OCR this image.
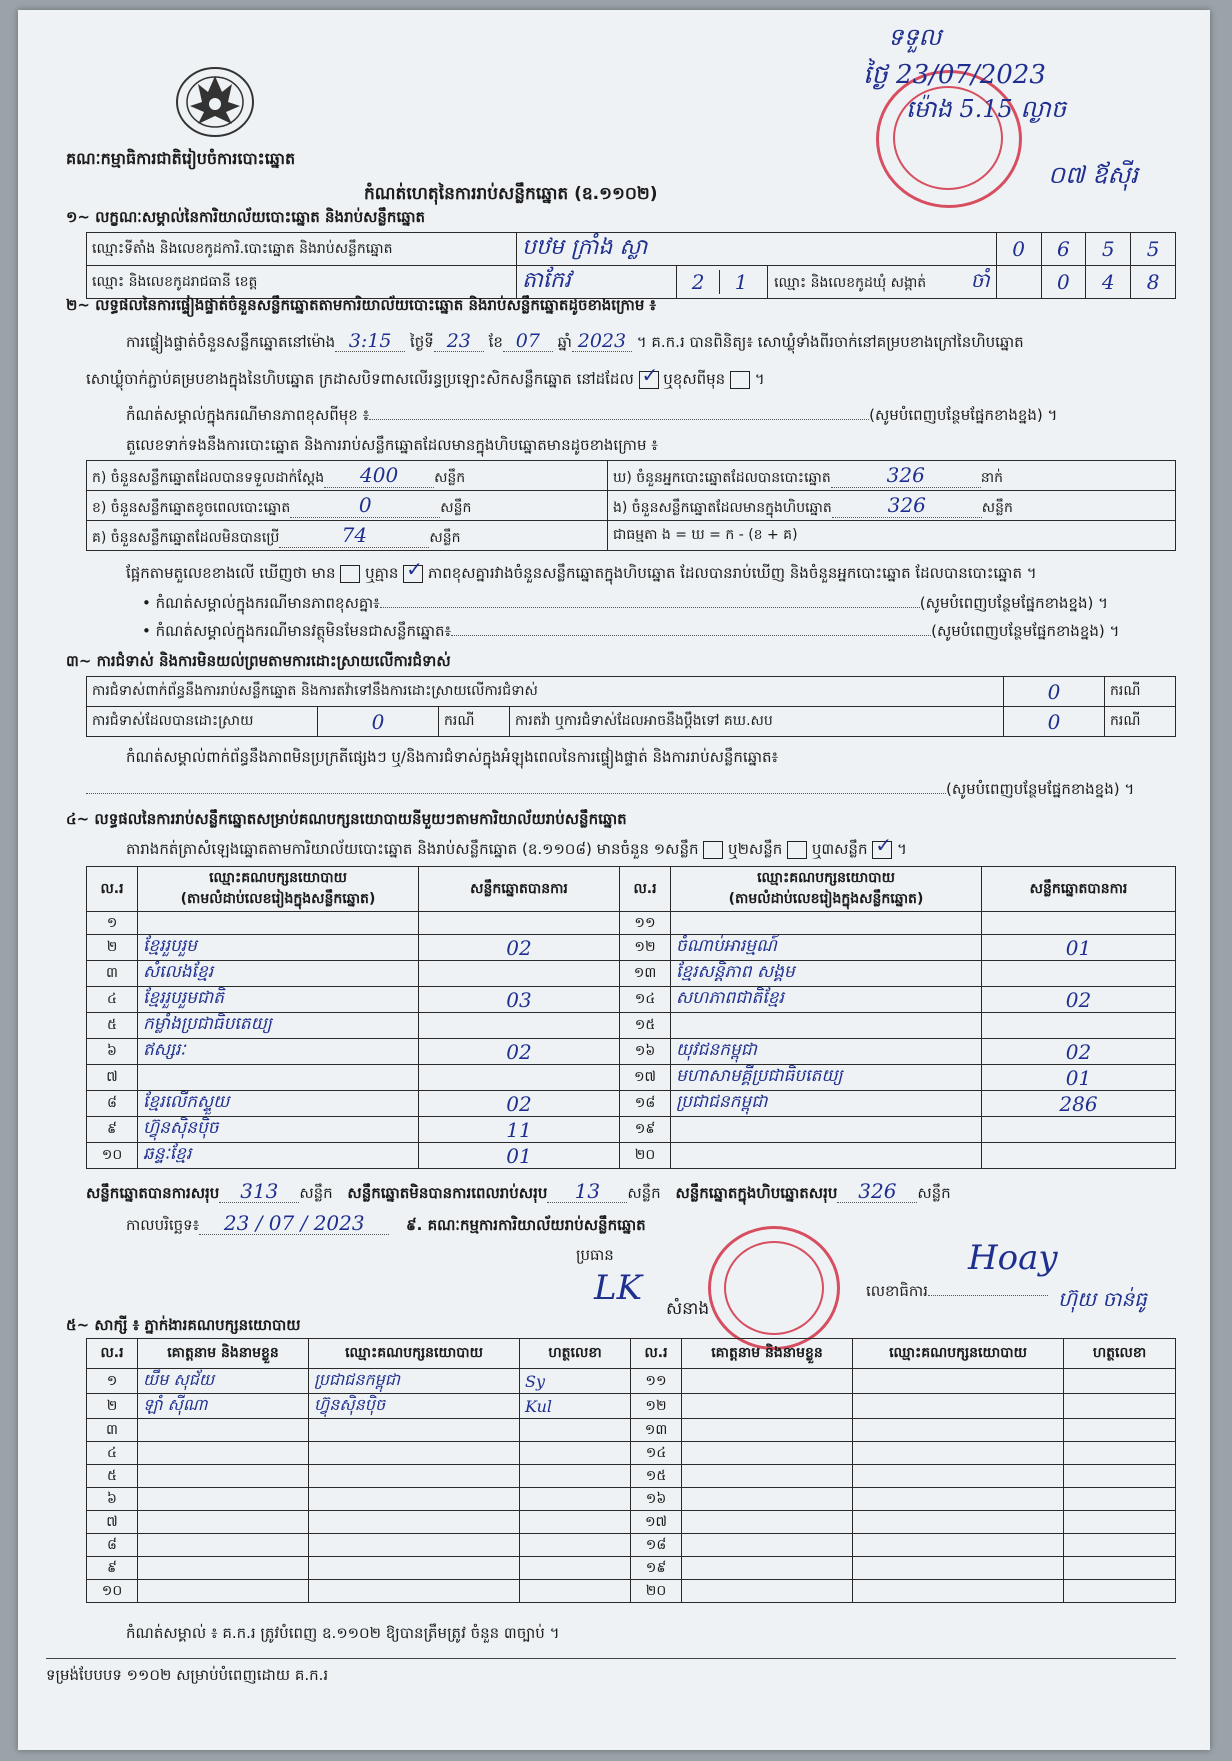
គណៈកម្មាធិការជាតិរៀបចំការបោះឆ្នោត
កំណត់ហេតុនៃការរាប់សន្លឹកឆ្នោត (ឧ.១១០២)
ទទួល
ថ្ងៃ 23/07/2023
ម៉ោង 5.15 ល្ងាច
០៧ ឪស៊ីរ
១~ លក្ខណៈសម្គាល់នៃការិយាល័យបោះឆ្នោត និងរាប់សន្លឹកឆ្នោត
ឈ្មោះទីតាំង និងលេខកូដការិ.បោះឆ្នោត និងរាប់សន្លឹកឆ្នោត	បឋម ក្រាំង ស្លា			0	6	5	5
ឈ្មោះ និងលេខកូដរាជធានី ខេត្ត	តាកែវ	2 1	ឈ្មោះ និងលេខកូដឃុំ សង្កាត់ ចាំ		0	4	8
២~ លទ្ធផលនៃការផ្ទៀងផ្ទាត់ចំនួនសន្លឹកឆ្នោតតាមការិយាល័យបោះឆ្នោត និងរាប់សន្លឹកឆ្នោតដូចខាងក្រោម ៖
ការផ្ទៀងផ្ទាត់ចំនួនសន្លឹកឆ្នោតនៅម៉ោង 3:15 ថ្ងៃទី 23 ខែ 07 ឆ្នាំ 2023 ។ គ.ក.រ បានពិនិត្យ៖ សោឃ្លុំទាំងពីរចាក់នៅគម្របខាងក្រៅនៃហិបឆ្នោត
សោឃ្លុំចាក់ភ្ជាប់គម្របខាងក្នុងនៃហិបឆ្នោត ក្រដាសបិទពាសលើរន្ធប្រឡោះសិកសន្លឹកឆ្នោត នៅដដែល ✓ ឬខុសពីមុន  ។
កំណត់សម្គាល់ក្នុងករណីមានភាពខុសពីមុខ ៖	(សូមបំពេញបន្ថែមផ្នែកខាងខ្នង) ។
តួលេខទាក់ទងនឹងការបោះឆ្នោត និងការរាប់សន្លឹកឆ្នោតដែលមានក្នុងហិបឆ្នោតមានដូចខាងក្រោម ៖
ក) ចំនួនសន្លឹកឆ្នោតដែលបានទទួលដាក់ស្តែង 400 សន្លឹក	ឃ) ចំនួនអ្នកបោះឆ្នោតដែលបានបោះឆ្នោត 326 នាក់
ខ) ចំនួនសន្លឹកឆ្នោតខូចពេលបោះឆ្នោត 0 សន្លឹក	ង) ចំនួនសន្លឹកឆ្នោតដែលមានក្នុងហិបឆ្នោត 326 សន្លឹក
គ) ចំនួនសន្លឹកឆ្នោតដែលមិនបានប្រើ 74 សន្លឹក	ជាធម្មតា ង = ឃ = ក - (ខ + គ)
ផ្អែកតាមតួលេខខាងលើ ឃើញថា មាន ឬគ្មាន ✓ ភាពខុសគ្នារវាងចំនួនសន្លឹកឆ្នោតក្នុងហិបឆ្នោត ដែលបានរាប់ឃើញ និងចំនួនអ្នកបោះឆ្នោត ដែលបានបោះឆ្នោត ។
• កំណត់សម្គាល់ក្នុងករណីមានភាពខុសគ្នា៖	(សូមបំពេញបន្ថែមផ្នែកខាងខ្នង) ។
• កំណត់សម្គាល់ក្នុងករណីមានវត្ថុមិនមែនជាសន្លឹកឆ្នោត៖	(សូមបំពេញបន្ថែមផ្នែកខាងខ្នង) ។
៣~ ការជំទាស់ និងការមិនយល់ព្រមតាមការដោះស្រាយលើការជំទាស់
ការជំទាស់ពាក់ព័ន្ធនឹងការរាប់សន្លឹកឆ្នោត និងការតវ៉ាទៅនឹងការដោះស្រាយលើការជំទាស់				0	ករណី
ការជំទាស់ដែលបានដោះស្រាយ	0	ករណី	ការតវ៉ា ឬការជំទាស់ដែលអាចនឹងប្តឹងទៅ គឃ.សប	0	ករណី
កំណត់សម្គាល់ពាក់ព័ន្ធនឹងភាពមិនប្រក្រតីផ្សេងៗ ឬ/និងការជំទាស់ក្នុងអំឡុងពេលនៃការផ្ទៀងផ្ទាត់ និងការរាប់សន្លឹកឆ្នោត៖
(សូមបំពេញបន្ថែមផ្នែកខាងខ្នង) ។
៤~ លទ្ធផលនៃការរាប់សន្លឹកឆ្នោតសម្រាប់គណបក្សនយោបាយនីមួយៗតាមការិយាល័យរាប់សន្លឹកឆ្នោត
តារាងកត់ត្រាសំឡេងឆ្នោតតាមការិយាល័យបោះឆ្នោត និងរាប់សន្លឹកឆ្នោត (ឧ.១១០៨) មានចំនួន ១សន្លឹក ឬ២សន្លឹក ឬ៣សន្លឹក ✓ ។
ល.រ	ឈ្មោះគណបក្សនយោបាយ
(តាមលំដាប់លេខរៀងក្នុងសន្លឹកឆ្នោត)	សន្លឹកឆ្នោតបានការ	ល.រ	ឈ្មោះគណបក្សនយោបាយ
(តាមលំដាប់លេខរៀងក្នុងសន្លឹកឆ្នោត)	សន្លឹកឆ្នោតបានការ
១			១១		
២	ខ្មែររួបរួម	02	១២	ចំណាប់អារម្មណ៍	01
៣	សំលេងខ្មែរ		១៣	ខ្មែរសន្តិភាព សង្គម	
៤	ខ្មែររួបរួមជាតិ	03	១៤	សហភាពជាតិខ្មែរ	02
៥	កម្លាំងប្រជាធិបតេយ្យ		១៥		
៦	ឥស្សរៈ	02	១៦	យុវជនកម្ពុជា	02
៧			១៧	មហាសាមគ្គីប្រជាធិបតេយ្យ	01
៨	ខ្មែរលើកស្ទួយ	02	១៨	ប្រជាជនកម្ពុជា	286
៩	ហ៊្វុនស៊ិនប៉ិច	11	១៩		
១០	ឆន្ទៈខ្មែរ	01	២០		
សន្លឹកឆ្នោតបានការសរុប 313 សន្លឹក សន្លឹកឆ្នោតមិនបានការពេលរាប់សរុប 13 សន្លឹក សន្លឹកឆ្នោតក្នុងហិបឆ្នោតសរុប 326 សន្លឹក
កាលបរិច្ឆេទ៖ 23 / 07 / 2023	៩. គណៈកម្មការការិយាល័យរាប់សន្លឹកឆ្នោត
ប្រធាន
LK
សំនាង
លេខាធិការ
Hoay
ហ៊ុយ ចាន់ធូ
៥~ សាក្សី ៖ ភ្នាក់ងារគណបក្សនយោបាយ
ល.រ	គោត្តនាម និងនាមខ្លួន	ឈ្មោះគណបក្សនយោបាយ	ហត្ថលេខា	ល.រ	គោត្តនាម និងនាមខ្លួន	ឈ្មោះគណបក្សនយោបាយ	ហត្ថលេខា
១	យឹម សុជ័យ	ប្រជាជនកម្ពុជា	Sy	១១			
២	ឡាំ ស៊ីណា	ហ៊្វុនស៊ិនប៉ិច	Kul	១២			
៣				១៣			
៤				១៤			
៥				១៥			
៦				១៦			
៧				១៧			
៨				១៨			
៩				១៩			
១០				២០			
កំណត់សម្គាល់ ៖ គ.ក.រ ត្រូវបំពេញ ឧ.១១០២ ឱ្យបានត្រឹមត្រូវ ចំនួន ៣ច្បាប់ ។
ទម្រង់បែបបទ ១១០២ សម្រាប់បំពេញដោយ គ.ក.រ
